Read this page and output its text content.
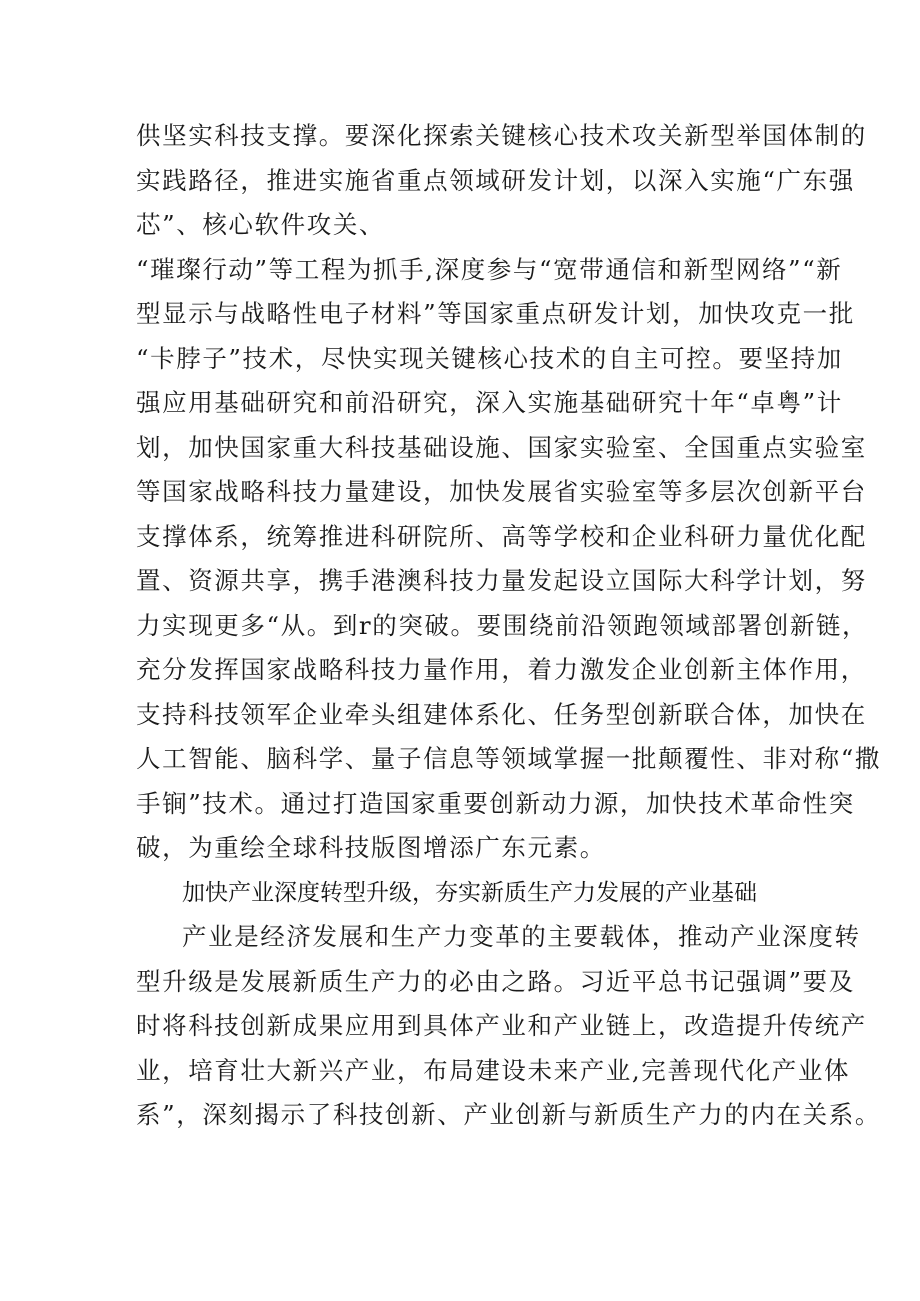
供坚实科技支撑。要深化探索关键核心技术攻关新型举国体制的
实践路径，推进实施省重点领域研发计划，以深入实施“广东强
芯”、核心软件攻关、
“璀璨行动”等工程为抓手,深度参与“宽带通信和新型网络”“新
型显示与战略性电子材料”等国家重点研发计划，加快攻克一批
“卡脖子”技术，尽快实现关键核心技术的自主可控。要坚持加
强应用基础研究和前沿研究，深入实施基础研究十年“卓粤”计
划，加快国家重大科技基础设施、国家实验室、全国重点实验室
等国家战略科技力量建设，加快发展省实验室等多层次创新平台
支撑体系，统筹推进科研院所、高等学校和企业科研力量优化配
置、资源共享，携手港澳科技力量发起设立国际大科学计划，努
力实现更多“从。到r的突破。要围绕前沿领跑领域部署创新链，
充分发挥国家战略科技力量作用，着力激发企业创新主体作用，
支持科技领军企业牵头组建体系化、任务型创新联合体，加快在
人工智能、脑科学、量子信息等领域掌握一批颠覆性、非对称“撒
手锏”技术。通过打造国家重要创新动力源，加快技术革命性突
破，为重绘全球科技版图增添广东元素。
加快产业深度转型升级，夯实新质生产力发展的产业基础
产业是经济发展和生产力变革的主要载体，推动产业深度转
型升级是发展新质生产力的必由之路。习近平总书记强调”要及
时将科技创新成果应用到具体产业和产业链上，改造提升传统产
业，培育壮大新兴产业，布局建设未来产业,完善现代化产业体
系”，深刻揭示了科技创新、产业创新与新质生产力的内在关系。
